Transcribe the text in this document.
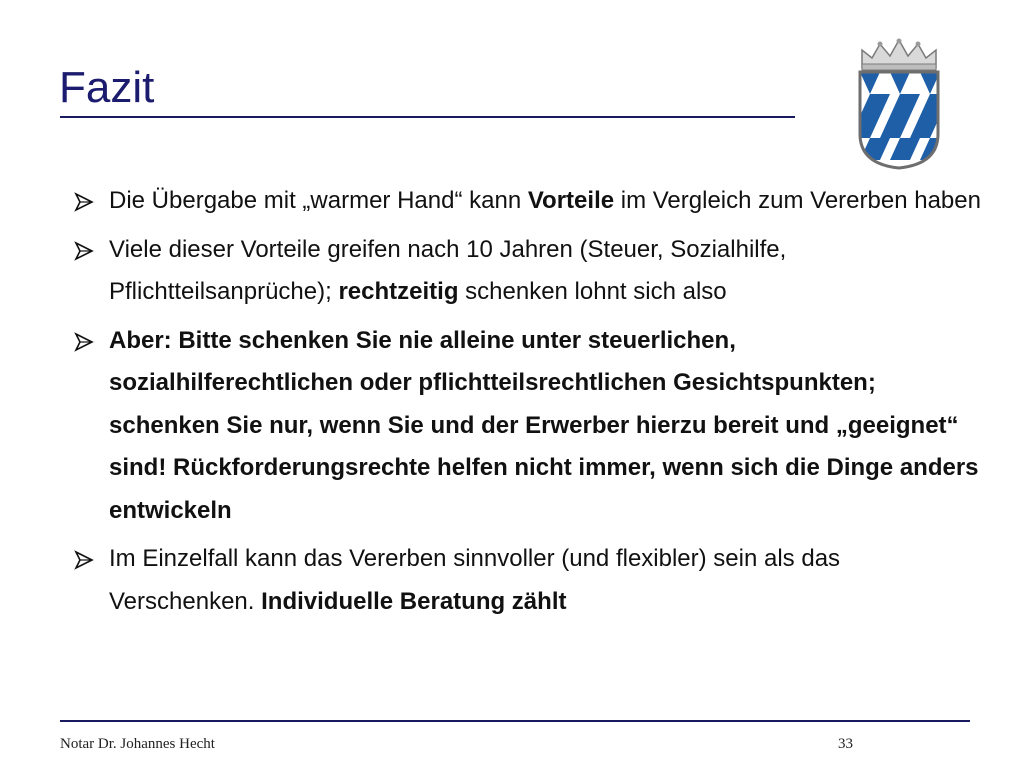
Fazit
Die Übergabe mit „warmer Hand“ kann Vorteile im Vergleich zum Vererben haben
Viele dieser Vorteile greifen nach 10 Jahren (Steuer, Sozialhilfe, Pflichtteilsanprüche); rechtzeitig schenken lohnt sich also
Aber: Bitte schenken Sie nie alleine unter steuerlichen, sozialhilferechtlichen oder pflichtteilsrechtlichen Gesichtspunkten; schenken Sie nur, wenn Sie und der Erwerber hierzu bereit und „geeignet“ sind! Rückforderungsrechte helfen nicht immer, wenn sich die Dinge anders entwickeln
Im Einzelfall kann das Vererben sinnvoller (und flexibler) sein als das Verschenken. Individuelle Beratung zählt
Notar Dr. Johannes Hecht	33
